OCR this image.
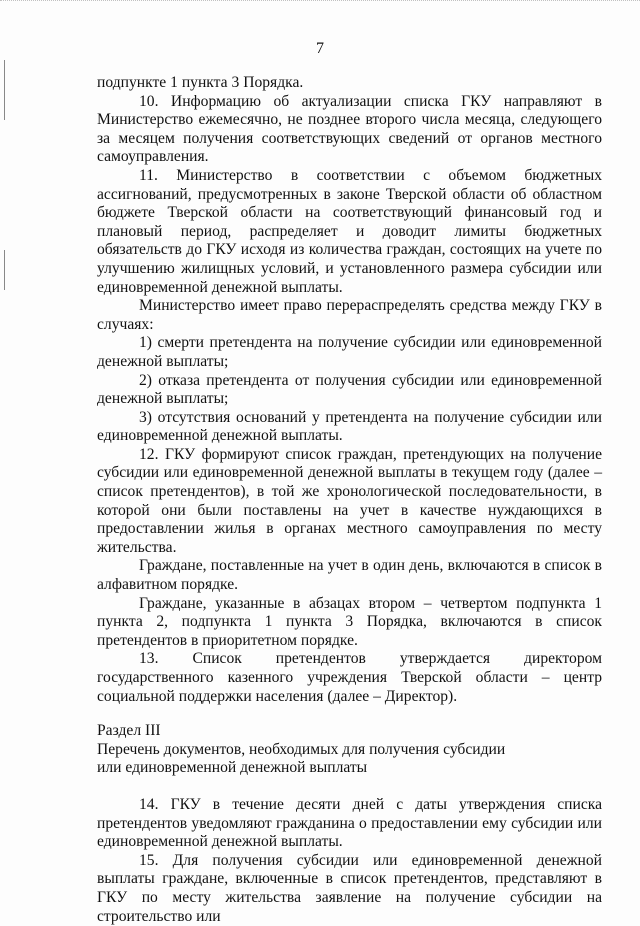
7

подпункте 1 пункта 3 Порядка.

10. Информацию об актуализации списка ГКУ направляют в Министерство ежемесячно, не позднее второго числа месяца, следующего за месяцем получения соответствующих сведений от органов местного самоуправления.

11. Министерство в соответствии с объемом бюджетных ассигнований, предусмотренных в законе Тверской области об областном бюджете Тверской области на соответствующий финансовый год и плановый период, распределяет и доводит лимиты бюджетных обязательств до ГКУ исходя из количества граждан, состоящих на учете по улучшению жилищных условий, и установленного размера субсидии или единовременной денежной выплаты.

Министерство имеет право перераспределять средства между ГКУ в случаях:

1) смерти претендента на получение субсидии или единовременной денежной выплаты;

2) отказа претендента от получения субсидии или единовременной денежной выплаты;

3) отсутствия оснований у претендента на получение субсидии или единовременной денежной выплаты.

12. ГКУ формируют список граждан, претендующих на получение субсидии или единовременной денежной выплаты в текущем году (далее – список претендентов), в той же хронологической последовательности, в которой они были поставлены на учет в качестве нуждающихся в предоставлении жилья в органах местного самоуправления по месту жительства.

Граждане, поставленные на учет в один день, включаются в список в алфавитном порядке.

Граждане, указанные в абзацах втором – четвертом подпункта 1 пункта 2, подпункта 1 пункта 3 Порядка, включаются в список претендентов в приоритетном порядке.

13. Список претендентов утверждается директором государственного казенного учреждения Тверской области – центр социальной поддержки населения (далее – Директор).

Раздел III

Перечень документов, необходимых для получения субсидии

или единовременной денежной выплаты

14. ГКУ в течение десяти дней с даты утверждения списка претендентов уведомляют гражданина о предоставлении ему субсидии или единовременной денежной выплаты.

15. Для получения субсидии или единовременной денежной выплаты граждане, включенные в список претендентов, представляют в ГКУ по месту жительства заявление на получение субсидии на строительство или
